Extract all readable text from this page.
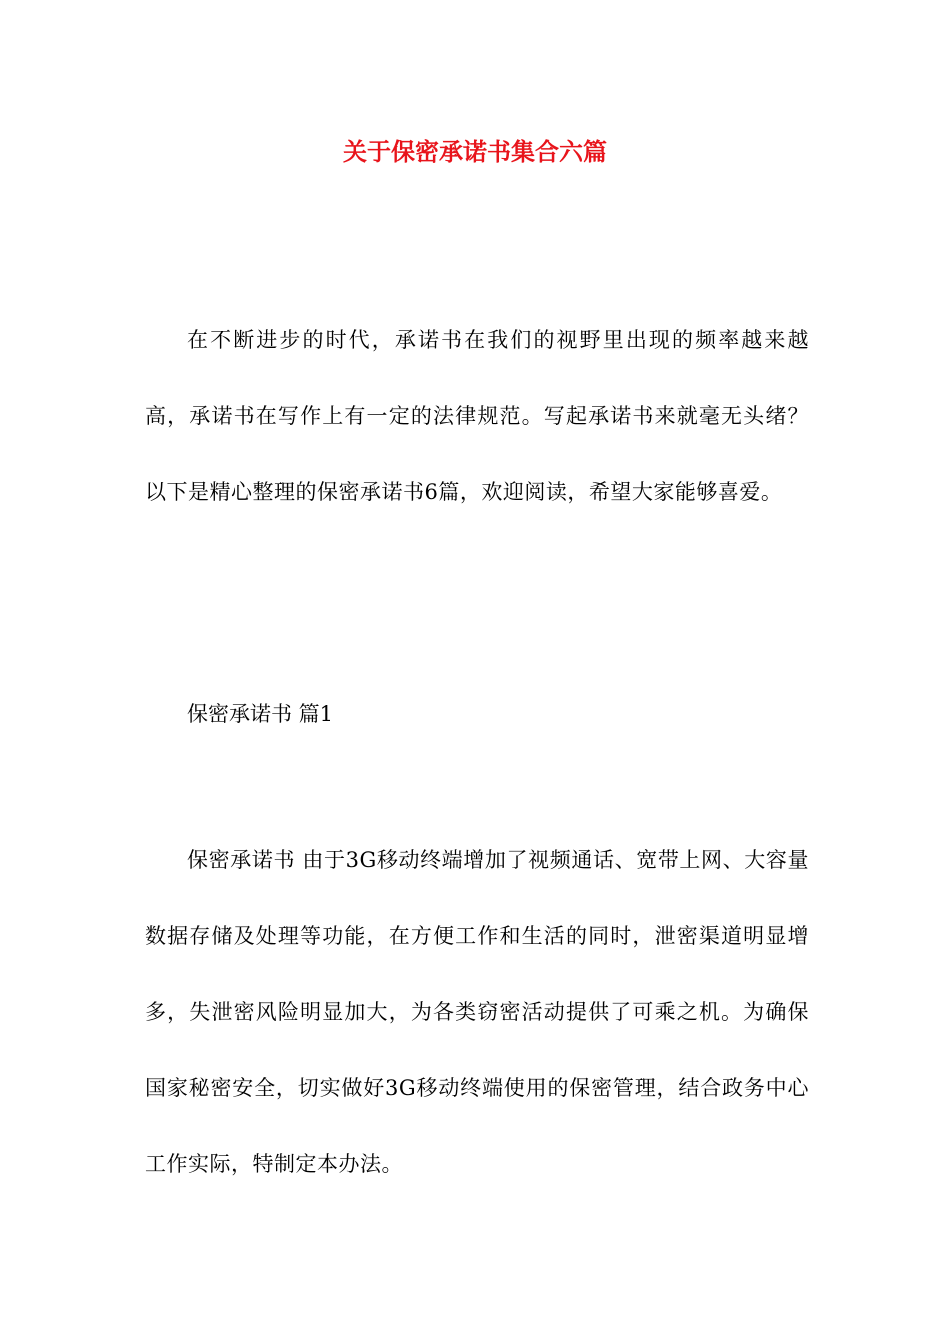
关于保密承诺书集合六篇

在不断进步的时代，承诺书在我们的视野里出现的频率越来越高，承诺书在写作上有一定的法律规范。写起承诺书来就毫无头绪？以下是精心整理的保密承诺书6篇，欢迎阅读，希望大家能够喜爱。

保密承诺书 篇1

保密承诺书 由于3G移动终端增加了视频通话、宽带上网、大容量数据存储及处理等功能，在方便工作和生活的同时，泄密渠道明显增多，失泄密风险明显加大，为各类窃密活动提供了可乘之机。为确保国家秘密安全，切实做好3G移动终端使用的保密管理，结合政务中心工作实际，特制定本办法。
